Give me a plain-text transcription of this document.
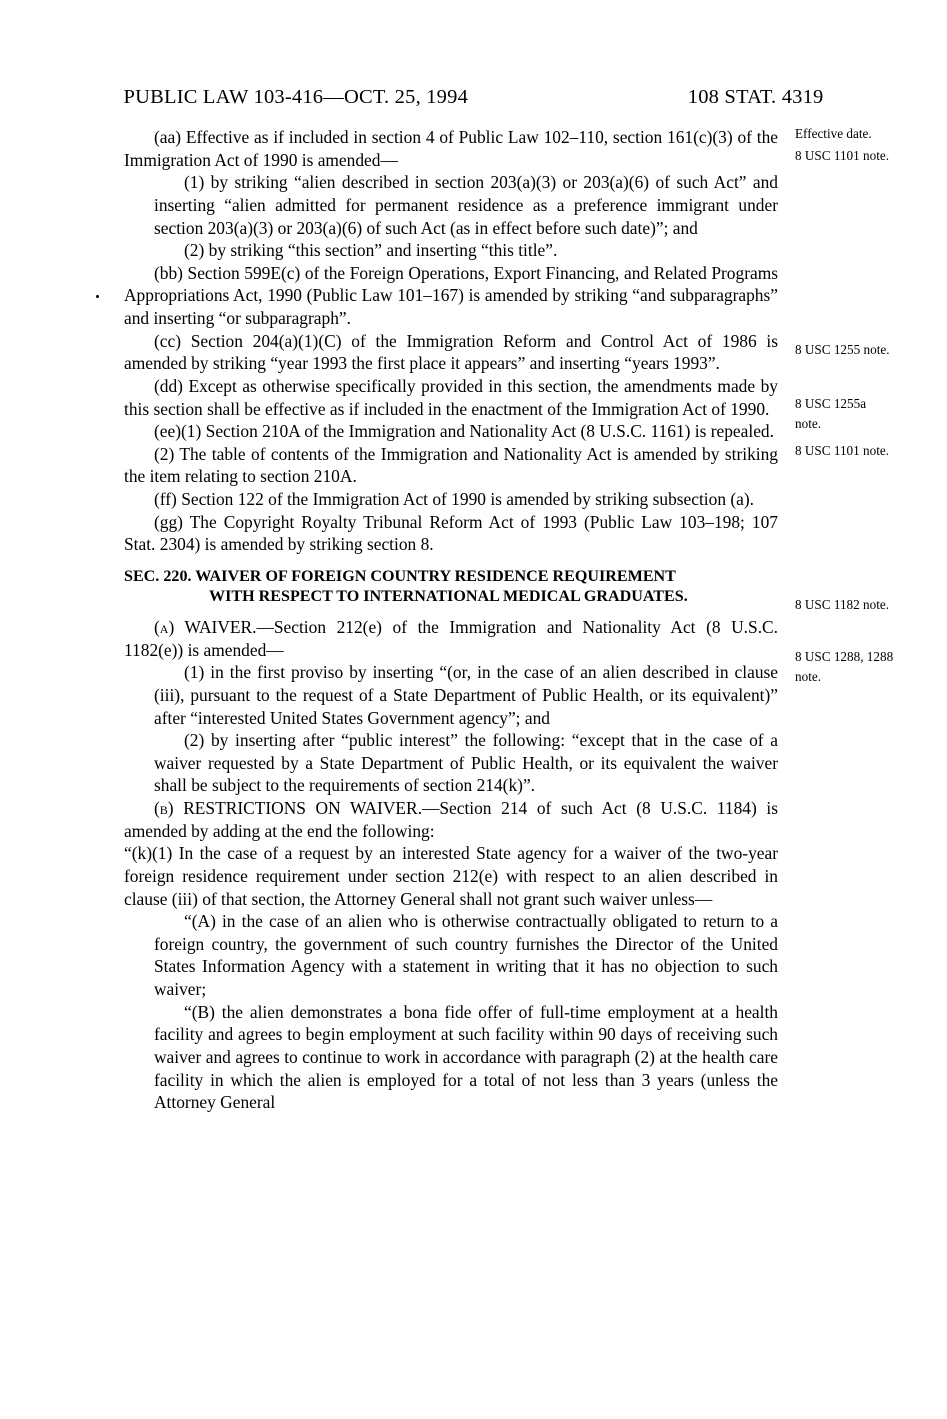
PUBLIC LAW 103-416—OCT. 25, 1994	108 STAT. 4319
Effective date.
8 USC 1101 note.
8 USC 1255 note.
8 USC 1255a
note.
8 USC 1101 note.
8 USC 1182 note.
8 USC 1288, 1288
note.

(aa) Effective as if included in section 4 of Public Law 102–110, section 161(c)(3) of the Immigration Act of 1990 is amended—

(1) by striking “alien described in section 203(a)(3) or 203(a)(6) of such Act” and inserting “alien admitted for permanent residence as a preference immigrant under section 203(a)(3) or 203(a)(6) of such Act (as in effect before such date)”; and

(2) by striking “this section” and inserting “this title”.

(bb) Section 599E(c) of the Foreign Operations, Export Financing, and Related Programs Appropriations Act, 1990 (Public Law 101–167) is amended by striking “and subparagraphs” and inserting “or subparagraph”.

(cc) Section 204(a)(1)(C) of the Immigration Reform and Control Act of 1986 is amended by striking “year 1993 the first place it appears” and inserting “years 1993”.

(dd) Except as otherwise specifically provided in this section, the amendments made by this section shall be effective as if included in the enactment of the Immigration Act of 1990.

(ee)(1) Section 210A of the Immigration and Nationality Act (8 U.S.C. 1161) is repealed.

(2) The table of contents of the Immigration and Nationality Act is amended by striking the item relating to section 210A.

(ff) Section 122 of the Immigration Act of 1990 is amended by striking subsection (a).

(gg) The Copyright Royalty Tribunal Reform Act of 1993 (Public Law 103–198; 107 Stat. 2304) is amended by striking section 8.

SEC. 220. WAIVER OF FOREIGN COUNTRY RESIDENCE REQUIREMENT
WITH RESPECT TO INTERNATIONAL MEDICAL GRADUATES.

(a) WAIVER.—Section 212(e) of the Immigration and Nationality Act (8 U.S.C. 1182(e)) is amended—

(1) in the first proviso by inserting “(or, in the case of an alien described in clause (iii), pursuant to the request of a State Department of Public Health, or its equivalent)” after “interested United States Government agency”; and

(2) by inserting after “public interest” the following: “except that in the case of a waiver requested by a State Department of Public Health, or its equivalent the waiver shall be subject to the requirements of section 214(k)”.

(b) RESTRICTIONS ON WAIVER.—Section 214 of such Act (8 U.S.C. 1184) is amended by adding at the end the following:

“(k)(1) In the case of a request by an interested State agency for a waiver of the two-year foreign residence requirement under section 212(e) with respect to an alien described in clause (iii) of that section, the Attorney General shall not grant such waiver unless—

“(A) in the case of an alien who is otherwise contractually obligated to return to a foreign country, the government of such country furnishes the Director of the United States Information Agency with a statement in writing that it has no objection to such waiver;

“(B) the alien demonstrates a bona fide offer of full-time employment at a health facility and agrees to begin employment at such facility within 90 days of receiving such waiver and agrees to continue to work in accordance with paragraph (2) at the health care facility in which the alien is employed for a total of not less than 3 years (unless the Attorney General
